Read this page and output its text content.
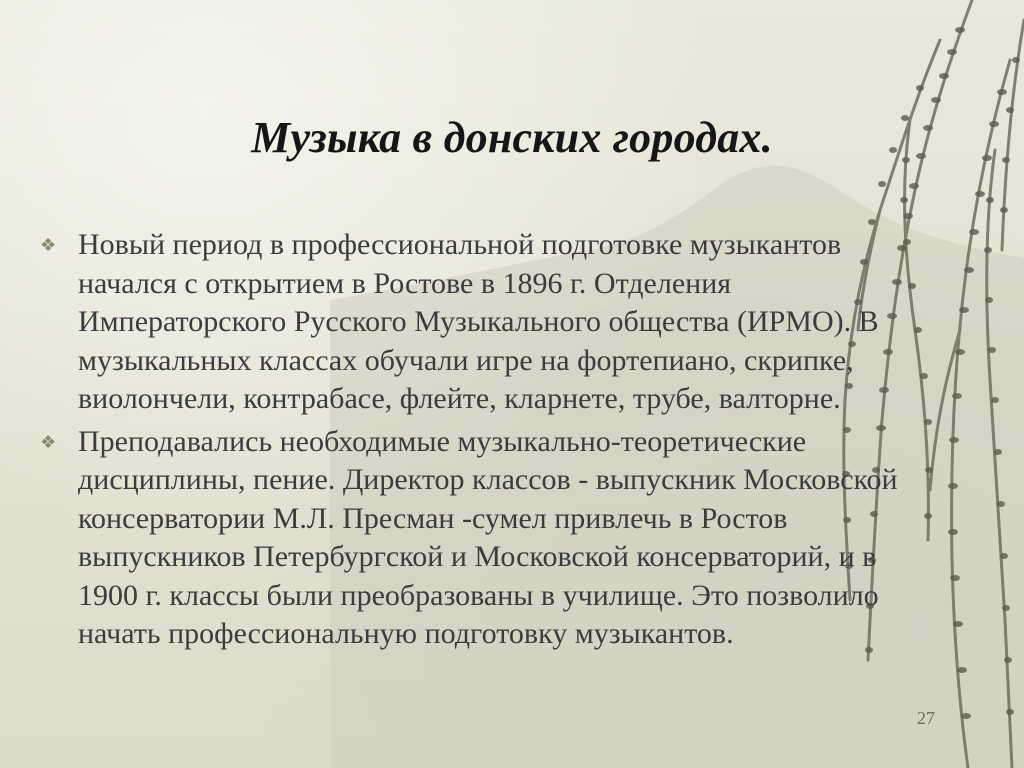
Музыка в донских городах.
❖ Новый период в профессиональной подготовке музыкантов начался с открытием в Ростове в 1896 г. Отделения Императорского Русского Музыкального общества (ИРМО). В музыкальных классах обучали игре на фортепиано, скрипке, виолончели, контрабасе, флейте, кларнете, трубе, валторне.
❖ Преподавались необходимые музыкально-теоретические дисциплины, пение. Директор классов - выпускник Московской консерватории М.Л. Пресман -сумел привлечь в Ростов выпускников Петербургской и Московской консерваторий, и в 1900 г. классы были преобразованы в училище. Это позволило начать профессиональную подготовку музыкантов.
27
